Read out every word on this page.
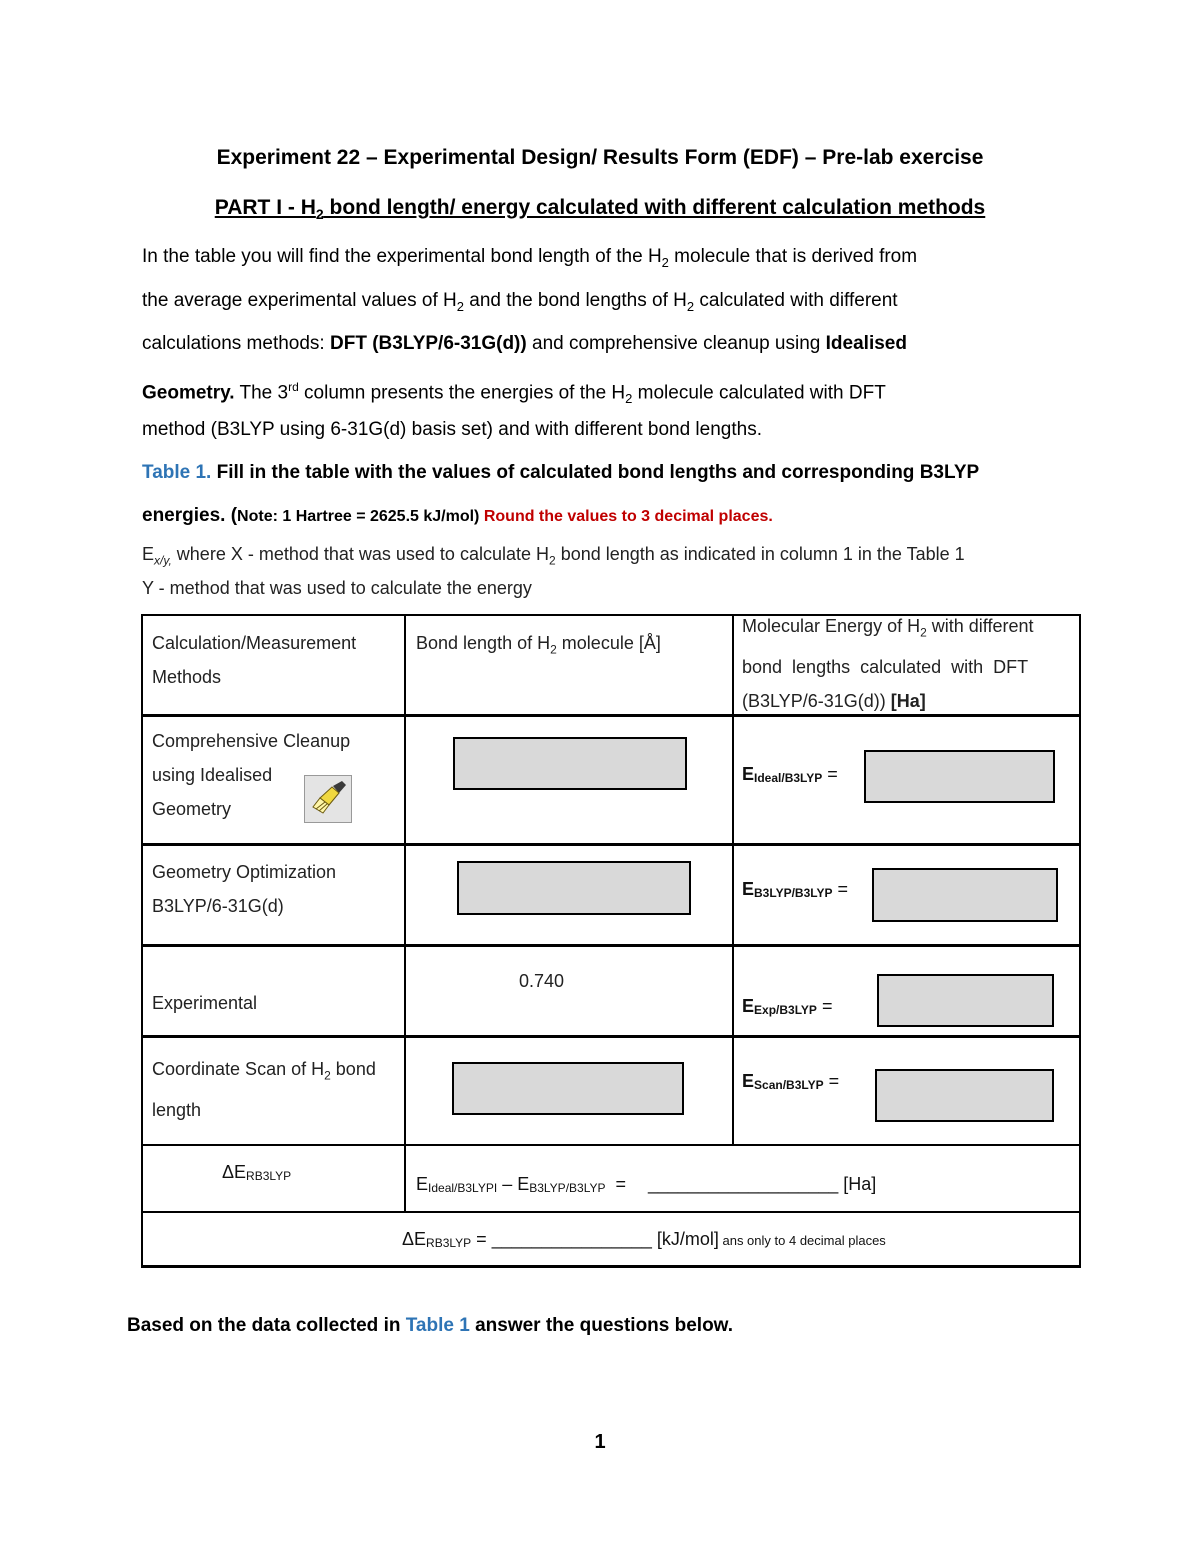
Experiment 22 – Experimental Design/ Results Form (EDF) – Pre-lab exercise
PART I - $H_2$ bond length/ energy calculated with different calculation methods
In the table you will find the experimental bond length of the $H_2$ molecule that is derived from
the average experimental values of $H_2$ and the bond lengths of $H_2$ calculated with different
calculations methods: DFT (B3LYP/6-31G(d)) and comprehensive cleanup using Idealised
Geometry. The 3rd column presents the energies of the $H_2$ molecule calculated with DFT
method (B3LYP using 6-31G(d) basis set) and with different bond lengths.
Table 1. Fill in the table with the values of calculated bond lengths and corresponding B3LYP
energies. (Note: 1 Hartree = 2625.5 kJ/mol) Round the values to 3 decimal places.
$E_{x/y,}$ where X - method that was used to calculate $H_2$ bond length as indicated in column 1 in the Table 1
Y - method that was used to calculate the energy
Calculation/Measurement
Methods
Bond length of $H_2$ molecule [Å]
Molecular Energy of $H_2$ with different
bond  lengths  calculated  with  DFT
(B3LYP/6-31G(d)) [Ha]
Comprehensive Cleanup
using Idealised
Geometry
$E_{Ideal/B3LYP}$ =
Geometry Optimization
B3LYP/6-31G(d)
$E_{B3LYP/B3LYP}$ =
Experimental
0.740
$E_{Exp/B3LYP}$ =
Coordinate Scan of $H_2$ bond
length
$E_{Scan/B3LYP}$ =
$\Delta E_{RB3LYP}$	$E_{Ideal/B3LYPI} - E_{B3LYP/B3LYP}$  =  ___________________ [Ha]
$\Delta E_{RB3LYP}$ = ________________ [kJ/mol] ans only to 4 decimal places
Based on the data collected in Table 1 answer the questions below.
1
